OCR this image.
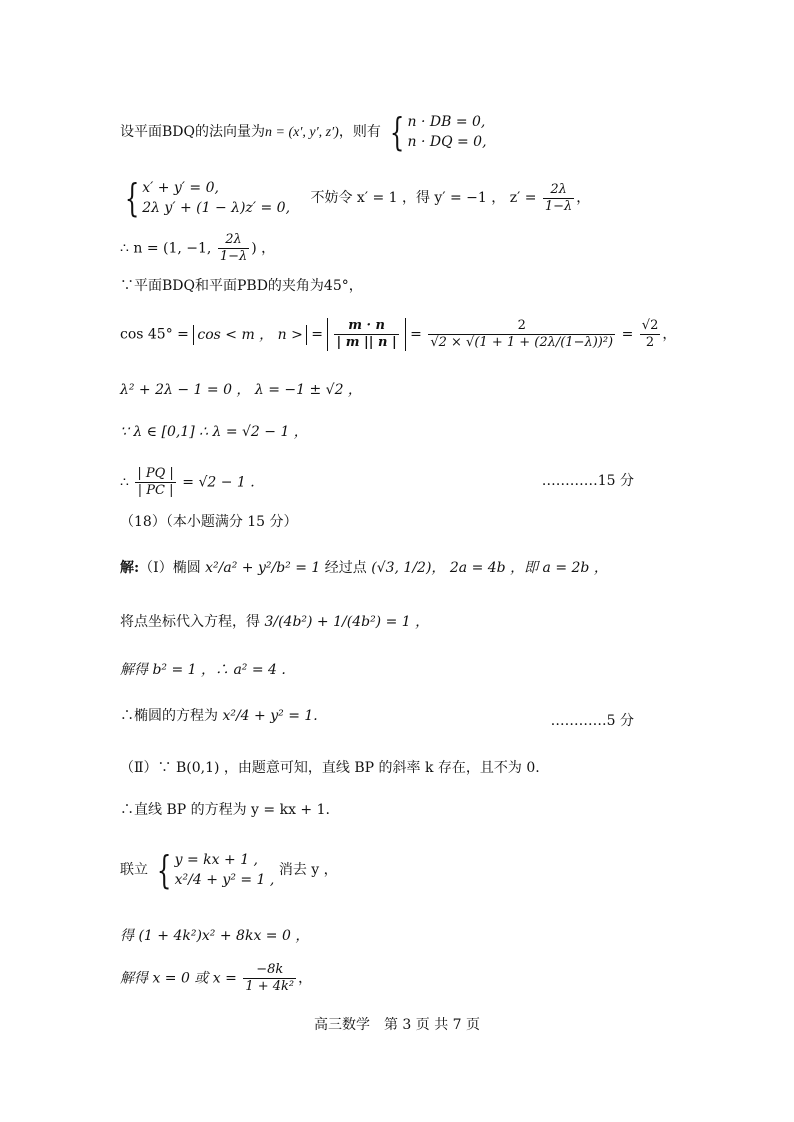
设平面BDQ的法向量为n = (x′, y′, z′)，则有 { n · DB = 0,
n · DQ = 0,
{ x′ + y′ = 0,
2λ y′ + (1 − λ)z′ = 0,
不妨令 x′ = 1 ，得 y′ = −1 ， $z' = \frac{2\lambda}{1-\lambda}$ ，
∴ n = (1, −1, $\frac{2\lambda}{1-\lambda}$ ) ，
∵平面BDQ和平面PBD的夹角为45°，
cos 45° = cos < m ， n > = $\frac{m \cdot n}{| m || n |} = \frac{2}{\text{√2 × √(1 + 1 + (2λ/(1−λ))²)}} = \frac{√2}{2}$ ，
λ² + 2λ − 1 = 0 ， λ = −1 ± √2 ，
∵ λ ∈ [0,1] ∴ λ = √2 − 1 ，
∴ $\frac{| PQ |}{| PC |} = √2 - 1$ .	…………15 分
（18）（本小题满分 15 分）
解:（Ⅰ）椭圆 x²/a² + y²/b² = 1 经过点 (√3, 1/2)， 2a = 4b ，即 a = 2b ，
将点坐标代入方程，得 3/(4b²) + 1/(4b²) = 1 ，
解得 b² = 1 ，∴ a² = 4 .
∴椭圆的方程为 x²/4 + y² = 1.	…………5 分
（Ⅱ）∵ B(0,1) ，由题意可知，直线 BP 的斜率 k 存在，且不为 0.
∴直线 BP 的方程为 y = kx + 1.
联立 { y = kx + 1 ,
x²/4 + y² = 1 ,
消去 y ，
得 (1 + 4k²)x² + 8kx = 0 ，
解得 x = 0 或 $x = \frac{-8k}{\text{1 + 4k²}}$ ，
高三数学　第 3 页 共 7 页
